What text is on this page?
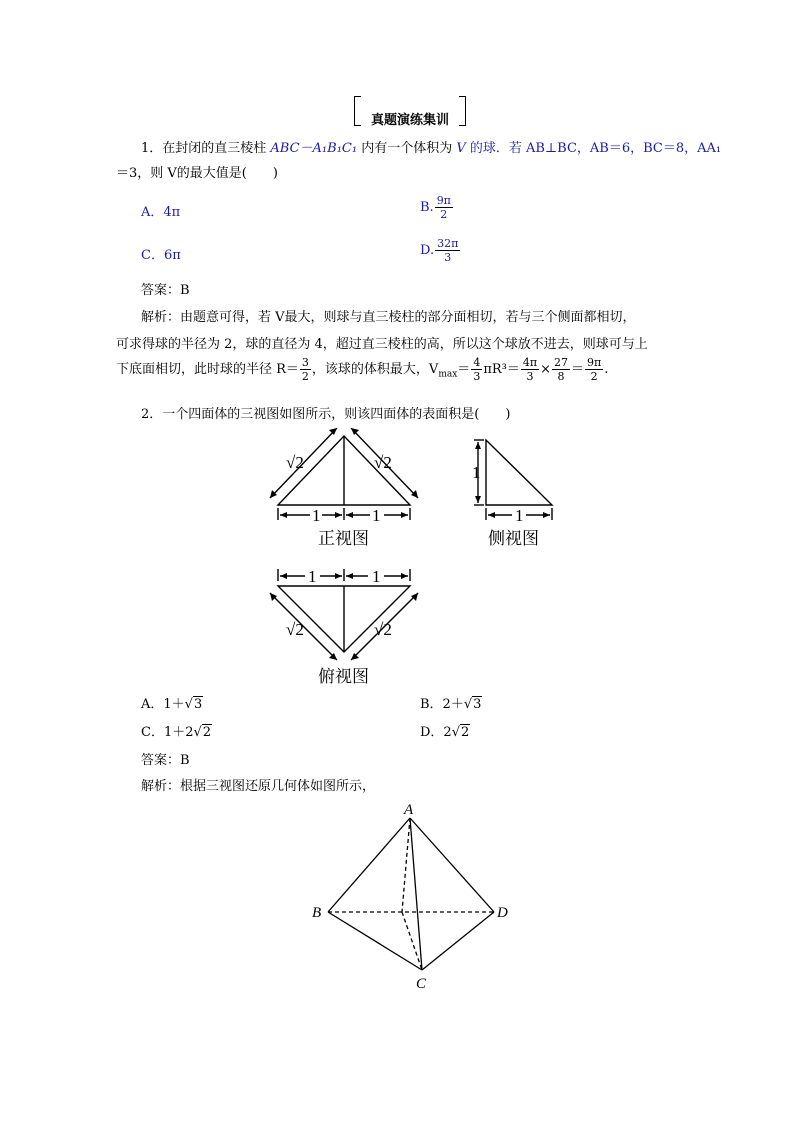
真题演练集训
1．在封闭的直三棱柱 ABC－A₁B₁C₁ 内有一个体积为 V 的球．若 AB⊥BC，AB＝6，BC＝8，AA₁
＝3，则 V的最大值是(　　)
A．4π	B. $\frac{9\pi}{2}$
C．6π	D. $\frac{32\pi}{3}$
答案：B
解析：由题意可得，若 V最大，则球与直三棱柱的部分面相切，若与三个侧面都相切，
可求得球的半径为 2，球的直径为 4，超过直三棱柱的高，所以这个球放不进去，则球可与上
下底面相切，此时球的半径 $R= \frac{3}{2}$ ，该球的体积最大，$V_{max}= \frac{4}{3} \pi R^3= \frac{4\pi}{3} \times \frac{27}{8} = \frac{9\pi}{2}$ .
2．一个四面体的三视图如图所示，则该四面体的表面积是(　　)
√2	√2
1	1
1
1
1	1
√2	√2
正视图	侧视图
俯视图
A．1＋√3	B．2＋√3
C．1＋2√2	D．2√2
答案：B
解析：根据三视图还原几何体如图所示，
A
B
C
D
